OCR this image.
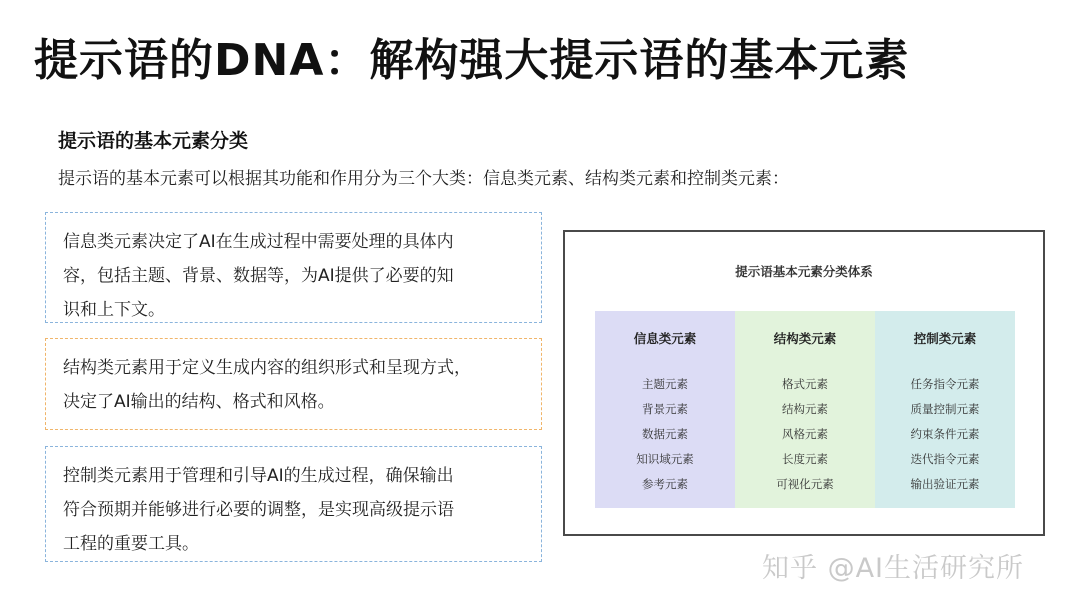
提示语的DNA：解构强大提示语的基本元素
提示语的基本元素分类
提示语的基本元素可以根据其功能和作用分为三个大类：信息类元素、结构类元素和控制类元素：
信息类元素决定了AI在生成过程中需要处理的具体内
容，包括主题、背景、数据等，为AI提供了必要的知
识和上下文。
结构类元素用于定义生成内容的组织形式和呈现方式，
决定了AI输出的结构、格式和风格。
控制类元素用于管理和引导AI的生成过程，确保输出
符合预期并能够进行必要的调整，是实现高级提示语
工程的重要工具。
提示语基本元素分类体系
信息类元素
主题元素
背景元素
数据元素
知识域元素
参考元素
结构类元素
格式元素
结构元素
风格元素
长度元素
可视化元素
控制类元素
任务指令元素
质量控制元素
约束条件元素
迭代指令元素
输出验证元素
知乎 @AI生活研究所
